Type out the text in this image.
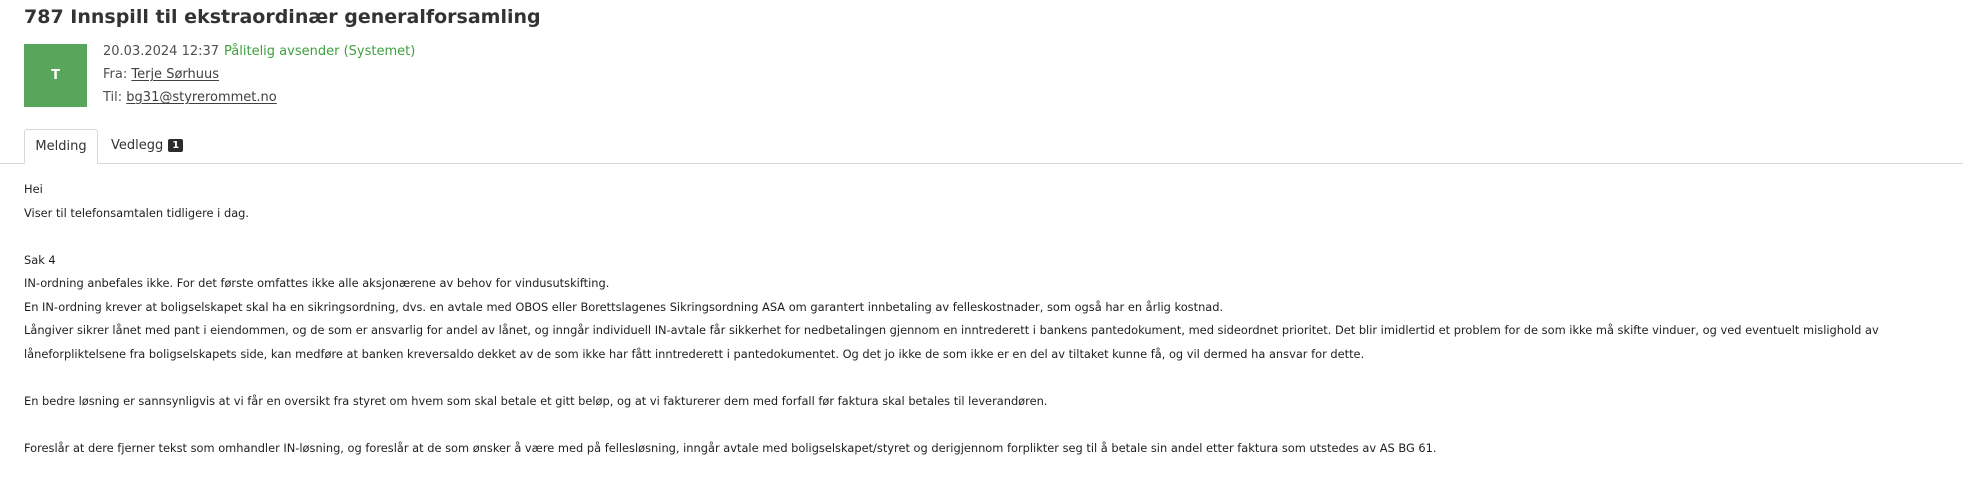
787 Innspill til ekstraordinær generalforsamling
T
20.03.2024 12:37 Pålitelig avsender (Systemet)
Fra: Terje Sørhuus
Til: bg31@styrerommet.no
Melding	Vedlegg 1

Hei

Viser til telefonsamtalen tidligere i dag.

Sak 4

IN-ordning anbefales ikke. For det første omfattes ikke alle aksjonærene av behov for vindusutskifting.

En IN-ordning krever at boligselskapet skal ha en sikringsordning, dvs. en avtale med OBOS eller Borettslagenes Sikringsordning ASA om garantert innbetaling av felleskostnader, som også har en årlig kostnad.

Långiver sikrer lånet med pant i eiendommen, og de som er ansvarlig for andel av lånet, og inngår individuell IN-avtale får sikkerhet for nedbetalingen gjennom en inntrederett i bankens pantedokument, med sideordnet prioritet. Det blir imidlertid et problem for de som ikke må skifte vinduer, og ved eventuelt mislighold av låneforpliktelsene fra boligselskapets side, kan medføre at banken kreversaldo dekket av de som ikke har fått inntrederett i pantedokumentet. Og det jo ikke de som ikke er en del av tiltaket kunne få, og vil dermed ha ansvar for dette.

En bedre løsning er sannsynligvis at vi får en oversikt fra styret om hvem som skal betale et gitt beløp, og at vi fakturerer dem med forfall før faktura skal betales til leverandøren.

Foreslår at dere fjerner tekst som omhandler IN-løsning, og foreslår at de som ønsker å være med på fellesløsning, inngår avtale med boligselskapet/styret og derigjennom forplikter seg til å betale sin andel etter faktura som utstedes av AS BG 61.
